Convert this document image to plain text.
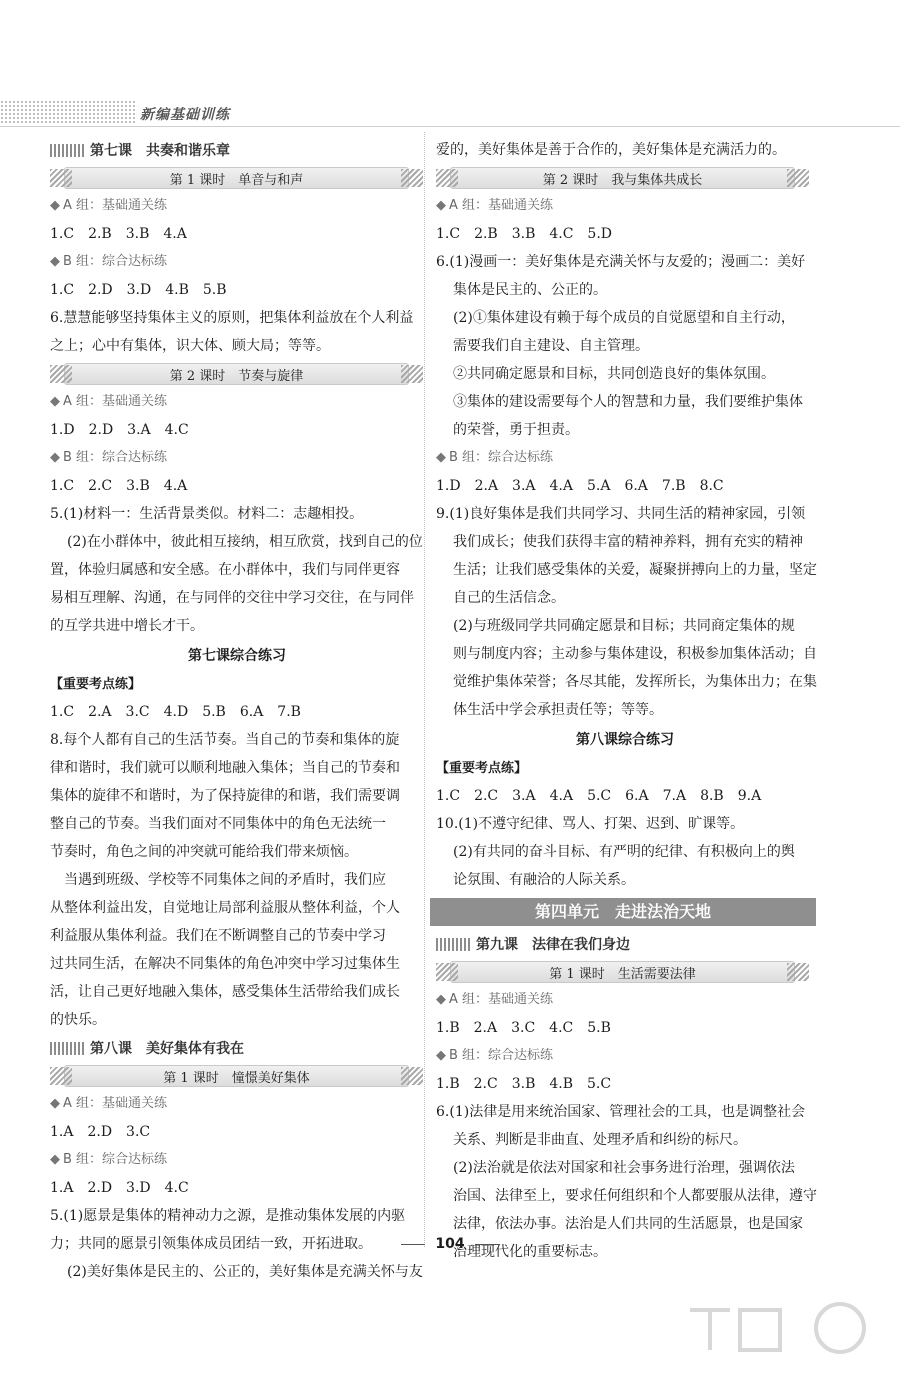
新编基础训练
第七课　共奏和谐乐章
第 1 课时　单音与和声
◆ A 组：基础通关练
1.C　2.B　3.B　4.A
◆ B 组：综合达标练
1.C　2.D　3.D　4.B　5.B
6.慧慧能够坚持集体主义的原则，把集体利益放在个人利益
之上；心中有集体，识大体、顾大局；等等。
第 2 课时　节奏与旋律
◆ A 组：基础通关练
1.D　2.D　3.A　4.C
◆ B 组：综合达标练
1.C　2.C　3.B　4.A
5.(1)材料一：生活背景类似。材料二：志趣相投。
(2)在小群体中，彼此相互接纳，相互欣赏，找到自己的位
置，体验归属感和安全感。在小群体中，我们与同伴更容
易相互理解、沟通，在与同伴的交往中学习交往，在与同伴
的互学共进中增长才干。
第七课综合练习
【重要考点练】
1.C　2.A　3.C　4.D　5.B　6.A　7.B
8.每个人都有自己的生活节奏。当自己的节奏和集体的旋
律和谐时，我们就可以顺利地融入集体；当自己的节奏和
集体的旋律不和谐时，为了保持旋律的和谐，我们需要调
整自己的节奏。当我们面对不同集体中的角色无法统一
节奏时，角色之间的冲突就可能给我们带来烦恼。
　当遇到班级、学校等不同集体之间的矛盾时，我们应
从整体利益出发，自觉地让局部利益服从整体利益，个人
利益服从集体利益。我们在不断调整自己的节奏中学习
过共同生活，在解决不同集体的角色冲突中学习过集体生
活，让自己更好地融入集体，感受集体生活带给我们成长
的快乐。
第八课　美好集体有我在
第 1 课时　憧憬美好集体
◆ A 组：基础通关练
1.A　2.D　3.C
◆ B 组：综合达标练
1.A　2.D　3.D　4.C
5.(1)愿景是集体的精神动力之源，是推动集体发展的内驱
力；共同的愿景引领集体成员团结一致，开拓进取。
(2)美好集体是民主的、公正的，美好集体是充满关怀与友
爱的，美好集体是善于合作的，美好集体是充满活力的。
第 2 课时　我与集体共成长
◆ A 组：基础通关练
1.C　2.B　3.B　4.C　5.D
6.(1)漫画一：美好集体是充满关怀与友爱的；漫画二：美好
集体是民主的、公正的。
(2)①集体建设有赖于每个成员的自觉愿望和自主行动，
需要我们自主建设、自主管理。
②共同确定愿景和目标，共同创造良好的集体氛围。
③集体的建设需要每个人的智慧和力量，我们要维护集体
的荣誉，勇于担责。
◆ B 组：综合达标练
1.D　2.A　3.A　4.A　5.A　6.A　7.B　8.C
9.(1)良好集体是我们共同学习、共同生活的精神家园，引领
我们成长；使我们获得丰富的精神养料，拥有充实的精神
生活；让我们感受集体的关爱，凝聚拼搏向上的力量，坚定
自己的生活信念。
(2)与班级同学共同确定愿景和目标；共同商定集体的规
则与制度内容；主动参与集体建设，积极参加集体活动；自
觉维护集体荣誉；各尽其能，发挥所长，为集体出力；在集
体生活中学会承担责任等；等等。
第八课综合练习
【重要考点练】
1.C　2.C　3.A　4.A　5.C　6.A　7.A　8.B　9.A
10.(1)不遵守纪律、骂人、打架、迟到、旷课等。
(2)有共同的奋斗目标、有严明的纪律、有积极向上的舆
论氛围、有融洽的人际关系。
第四单元　走进法治天地
第九课　法律在我们身边
第 1 课时　生活需要法律
◆ A 组：基础通关练
1.B　2.A　3.C　4.C　5.B
◆ B 组：综合达标练
1.B　2.C　3.B　4.B　5.C
6.(1)法律是用来统治国家、管理社会的工具，也是调整社会
关系、判断是非曲直、处理矛盾和纠纷的标尺。
(2)法治就是依法对国家和社会事务进行治理，强调依法
治国、法律至上，要求任何组织和个人都要服从法律，遵守
法律，依法办事。法治是人们共同的生活愿景，也是国家
治理现代化的重要标志。
104
